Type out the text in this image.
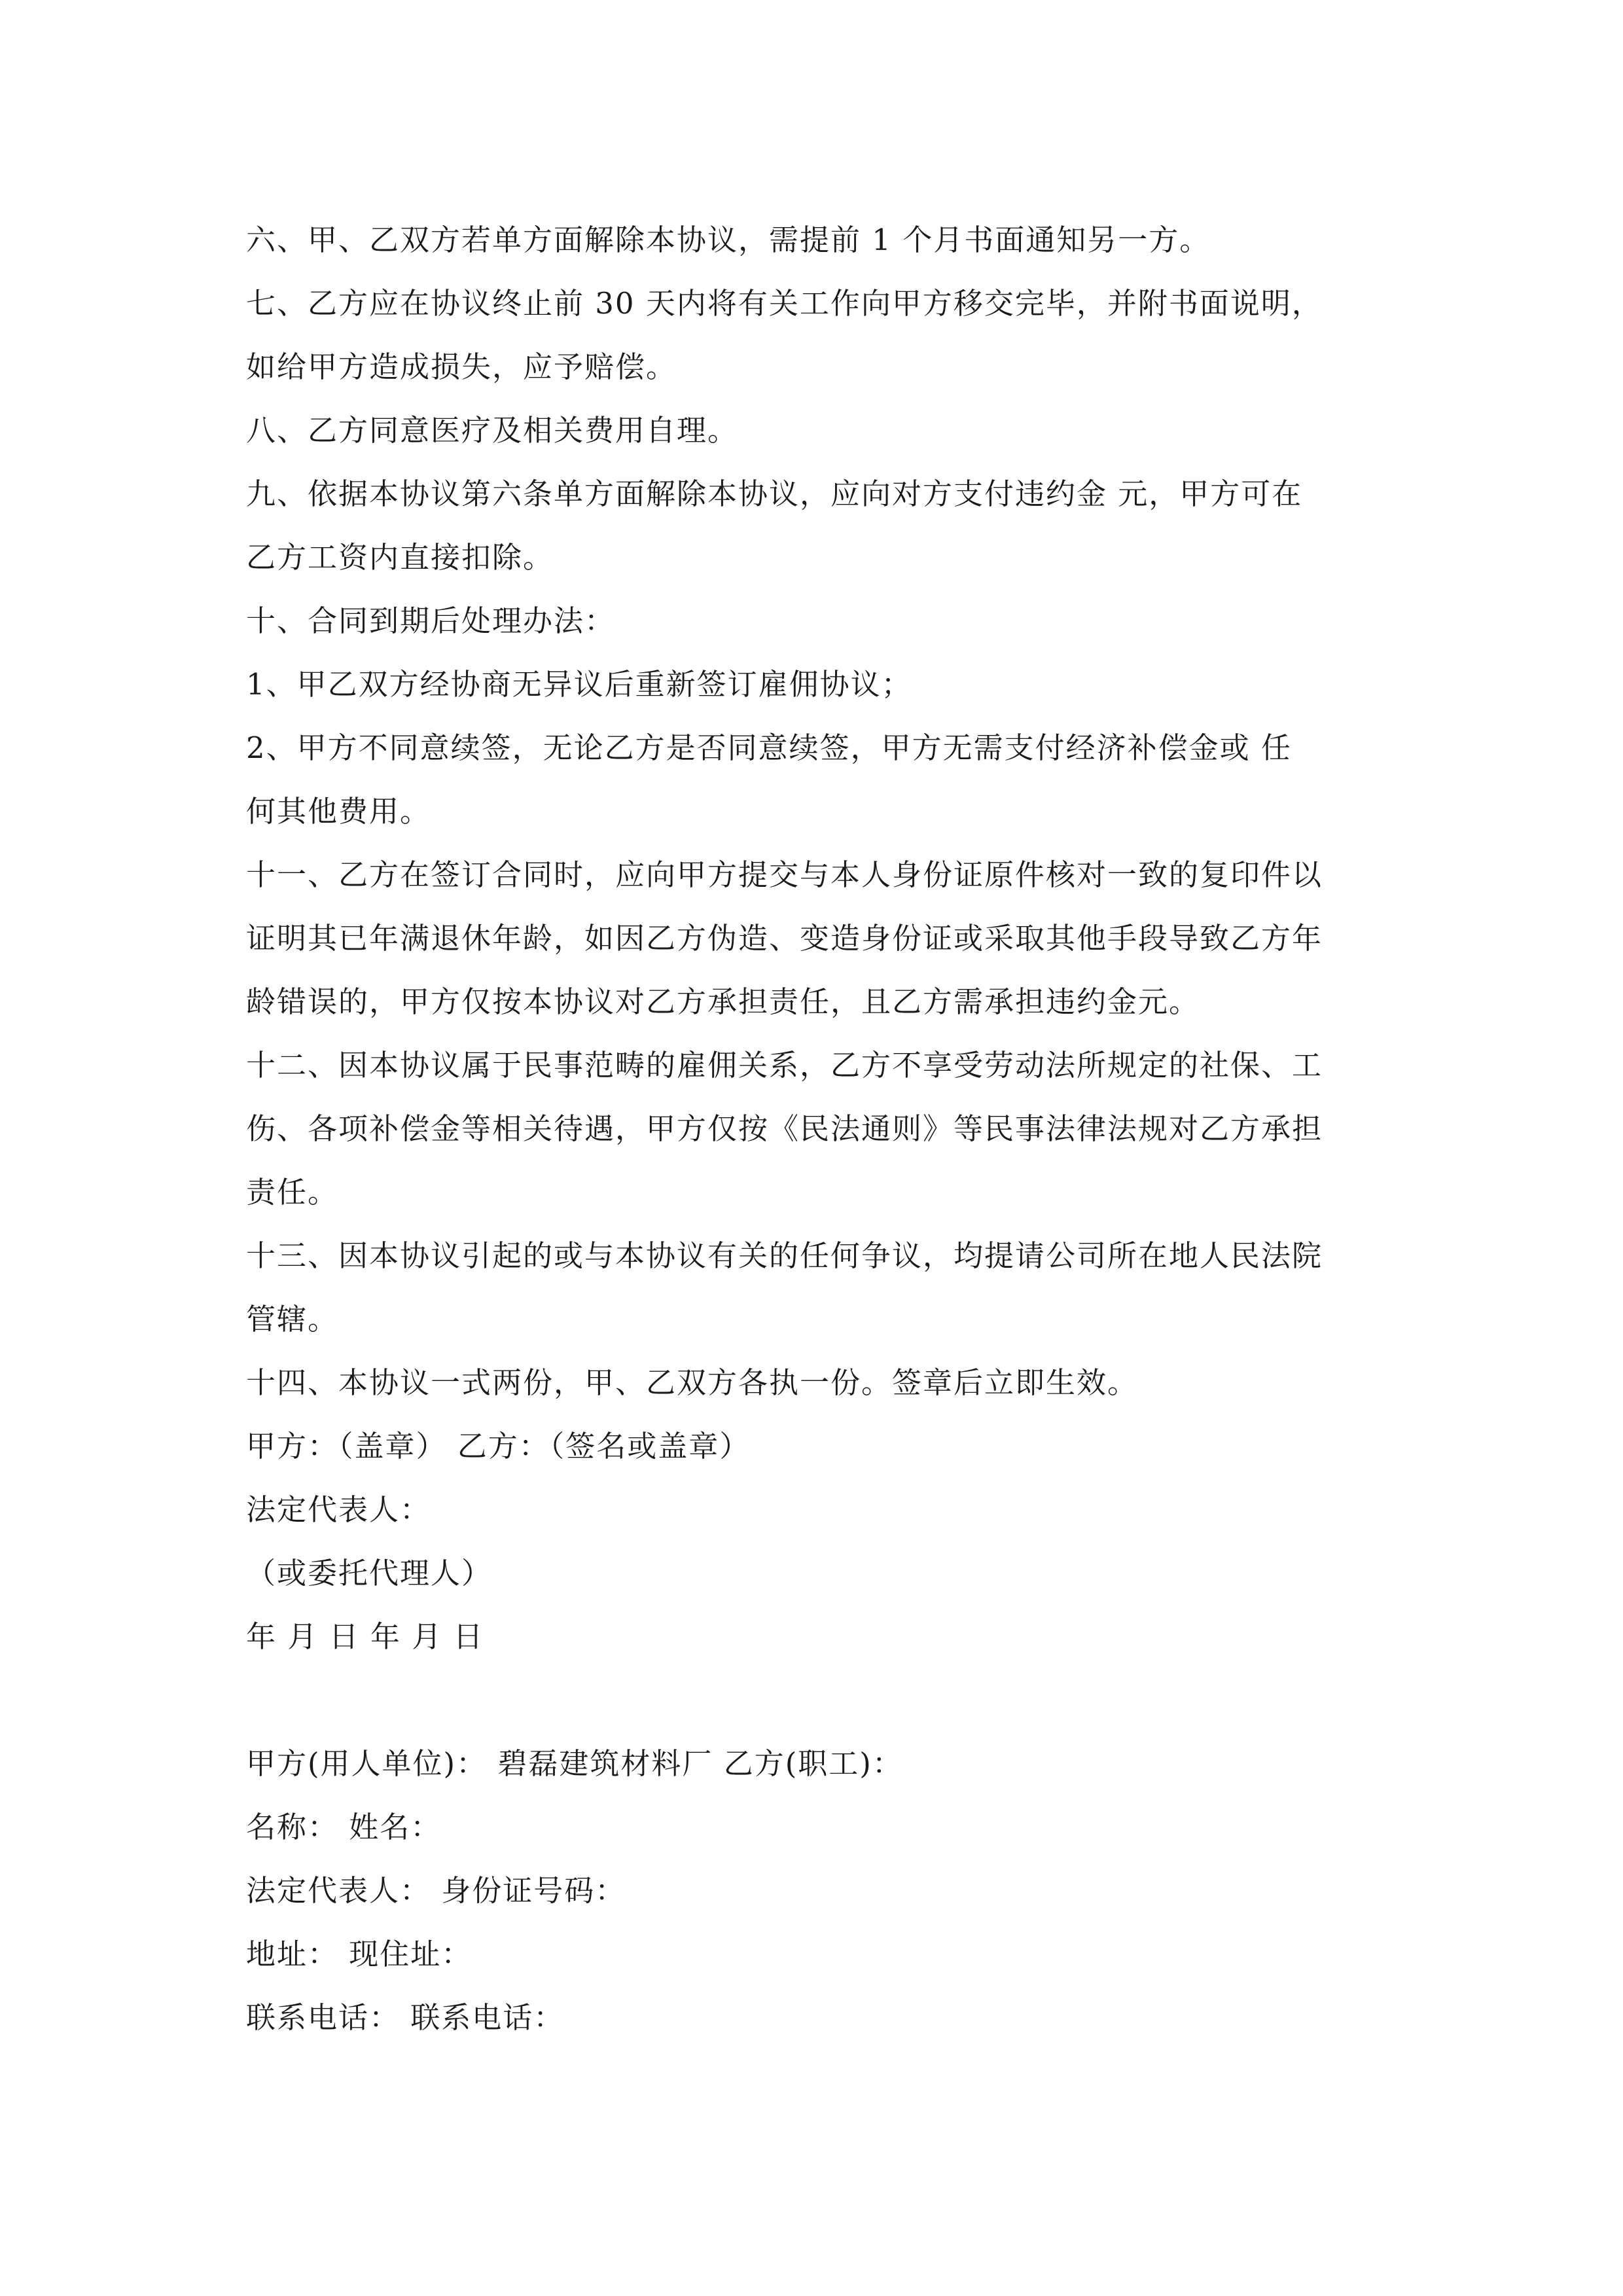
六、甲、乙双方若单方面解除本协议，需提前 1 个月书面通知另一方。
七、乙方应在协议终止前 30 天内将有关工作向甲方移交完毕，并附书面说明，
如给甲方造成损失，应予赔偿。
八、乙方同意医疗及相关费用自理。
九、依据本协议第六条单方面解除本协议，应向对方支付违约金 元，甲方可在
乙方工资内直接扣除。
十、合同到期后处理办法：
1、甲乙双方经协商无异议后重新签订雇佣协议；
2、甲方不同意续签，无论乙方是否同意续签，甲方无需支付经济补偿金或 任
何其他费用。
十一、乙方在签订合同时，应向甲方提交与本人身份证原件核对一致的复印件以
证明其已年满退休年龄，如因乙方伪造、变造身份证或采取其他手段导致乙方年
龄错误的，甲方仅按本协议对乙方承担责任，且乙方需承担违约金元。
十二、因本协议属于民事范畴的雇佣关系，乙方不享受劳动法所规定的社保、工
伤、各项补偿金等相关待遇，甲方仅按《民法通则》等民事法律法规对乙方承担
责任。
十三、因本协议引起的或与本协议有关的任何争议，均提请公司所在地人民法院
管辖。
十四、本协议一式两份，甲、乙双方各执一份。签章后立即生效。
甲方：（盖章） 乙方：（签名或盖章）
法定代表人：
（或委托代理人）
年 月 日 年 月 日
甲方(用人单位)： 碧磊建筑材料厂 乙方(职工)：
名称： 姓名：
法定代表人： 身份证号码：
地址： 现住址：
联系电话： 联系电话：
